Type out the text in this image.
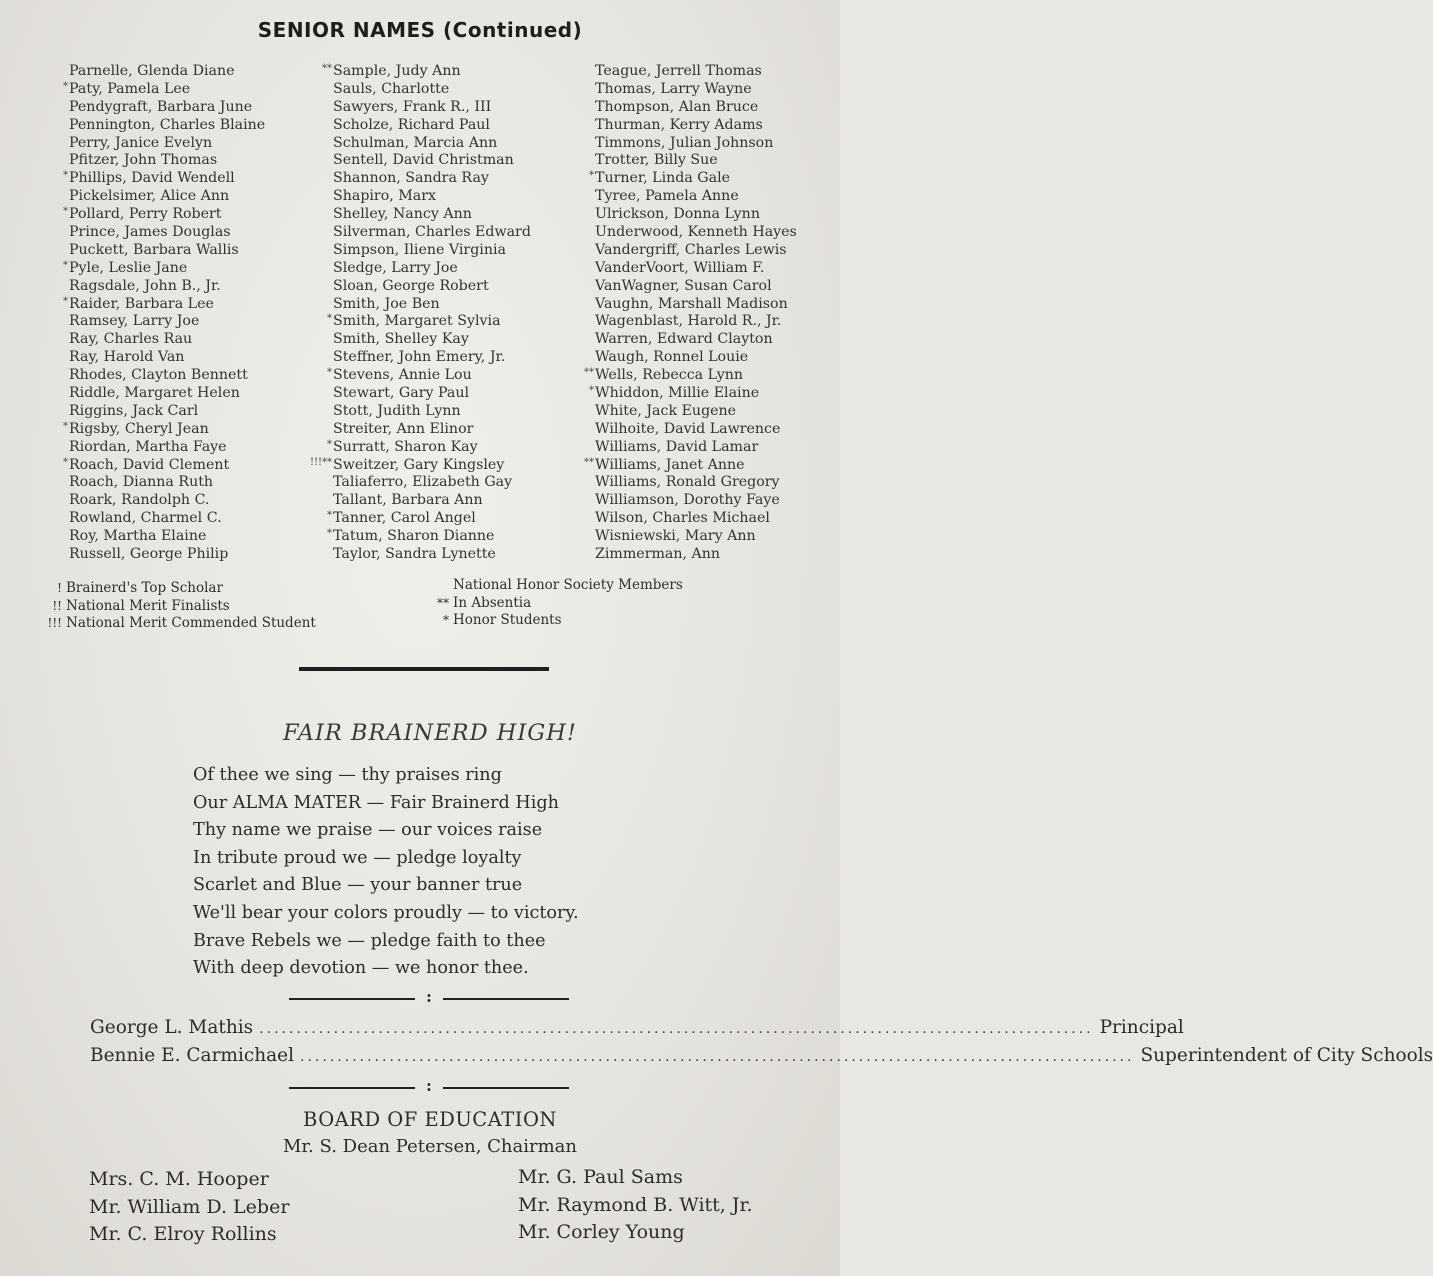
SENIOR NAMES (Continued)
Parnelle, Glenda Diane
* Paty, Pamela Lee
Pendygraft, Barbara June
Pennington, Charles Blaine
Perry, Janice Evelyn
Pfitzer, John Thomas
* Phillips, David Wendell
Pickelsimer, Alice Ann
* Pollard, Perry Robert
Prince, James Douglas
Puckett, Barbara Wallis
* Pyle, Leslie Jane
Ragsdale, John B., Jr.
* Raider, Barbara Lee
Ramsey, Larry Joe
Ray, Charles Rau
Ray, Harold Van
Rhodes, Clayton Bennett
Riddle, Margaret Helen
Riggins, Jack Carl
* Rigsby, Cheryl Jean
Riordan, Martha Faye
* Roach, David Clement
Roach, Dianna Ruth
Roark, Randolph C.
Rowland, Charmel C.
Roy, Martha Elaine
Russell, George Philip
** Sample, Judy Ann
Sauls, Charlotte
Sawyers, Frank R., III
Scholze, Richard Paul
Schulman, Marcia Ann
Sentell, David Christman
Shannon, Sandra Ray
Shapiro, Marx
Shelley, Nancy Ann
Silverman, Charles Edward
Simpson, Iliene Virginia
Sledge, Larry Joe
Sloan, George Robert
Smith, Joe Ben
* Smith, Margaret Sylvia
Smith, Shelley Kay
Steffner, John Emery, Jr.
* Stevens, Annie Lou
Stewart, Gary Paul
Stott, Judith Lynn
Streiter, Ann Elinor
* Surratt, Sharon Kay
!!!** Sweitzer, Gary Kingsley
Taliaferro, Elizabeth Gay
Tallant, Barbara Ann
* Tanner, Carol Angel
* Tatum, Sharon Dianne
Taylor, Sandra Lynette
Teague, Jerrell Thomas
Thomas, Larry Wayne
Thompson, Alan Bruce
Thurman, Kerry Adams
Timmons, Julian Johnson
Trotter, Billy Sue
* Turner, Linda Gale
Tyree, Pamela Anne
Ulrickson, Donna Lynn
Underwood, Kenneth Hayes
Vandergriff, Charles Lewis
VanderVoort, William F.
VanWagner, Susan Carol
Vaughn, Marshall Madison
Wagenblast, Harold R., Jr.
Warren, Edward Clayton
Waugh, Ronnel Louie
** Wells, Rebecca Lynn
* Whiddon, Millie Elaine
White, Jack Eugene
Wilhoite, David Lawrence
Williams, David Lamar
** Williams, Janet Anne
Williams, Ronald Gregory
Williamson, Dorothy Faye
Wilson, Charles Michael
Wisniewski, Mary Ann
Zimmerman, Ann
! Brainerd's Top Scholar
!! National Merit Finalists
!!! National Merit Commended Student
National Honor Society Members
** In Absentia
* Honor Students
FAIR BRAINERD HIGH!
Of thee we sing — thy praises ring
Our ALMA MATER — Fair Brainerd High
Thy name we praise — our voices raise
In tribute proud we — pledge loyalty
Scarlet and Blue — your banner true
We'll bear your colors proudly — to victory.
Brave Rebels we — pledge faith to thee
With deep devotion — we honor thee.
:
George L. Mathis ................................................................................................................ Principal
Bennie E. Carmichael ................................................................................................................ Superintendent of City Schools
:
BOARD OF EDUCATION
Mr. S. Dean Petersen, Chairman
Mrs. C. M. Hooper
Mr. William D. Leber
Mr. C. Elroy Rollins
Mr. G. Paul Sams
Mr. Raymond B. Witt, Jr.
Mr. Corley Young
